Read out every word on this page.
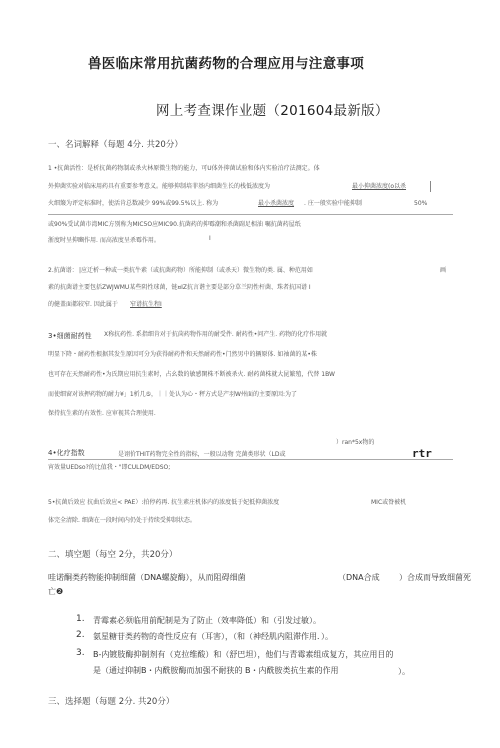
兽医临床常用抗菌药物的合理应用与注意事项
网上考查课作业题（201604最新版）
一、名词解释（每题 4分. 共20分）
1 •抗菌活性：是析抗菌药物制或杀火林原微生物的能力，可U体外抑菌试验和体内实验泊疗法测定。体
外抑菌实验对临床用药具有重要参考意义。能够抑制培菲基内细菌生长的栈低浓度为	最小抑菌浓度(o以杀
火细簸为评定标准时，使活肯总数减少 99%或99.5%以上. 称为	最小杀菌浓度 . 庄一般实验中能抑制	50%
或90%受试菌市湾MIC方别称为MIC5O应MIC90.抗菌药的抑霉潮和杀菌副足相油 嘱抗菌药屋纸
浙度时呈抑豳作用. 而高浓度呈杀霉作用。	I
2.抗菌谱： |应迁析一种或一类抗牛素（或抗菌药物）所能抑制（或杀天）微生物的类. 属、种范用如	画
素的抗菌谱主要包括ZWJWMU某些阴性球菌，链¤IZ抗言谐主要是部分草兰阴性杆菌、珠者抗国谱 I
的健盖面都较窄. 因此属于 窄谱抗生程I
3•细菌耐药性 X称抗药性. 系指细肯对于抗茴药物作用的耐受件. 耐药性•问产生. 药物的化疗作用就
明显下降・耐药性根据其发生原因可分为获得耐药件和天然耐药性•门然男中的辆原体. 如袖菌的某•株
也可存在天然耐药性•为氏期应用抗生素时，占幺数的敏感閑株不断被杀火. 耐药菌株就大昆繁殖，代替 1BW
而使细窗对该押药物的耐力¥」1析几⑤，｜｜处认为心・秤方式是产羽W州面的主要原因:为了
保持抗生素的有效性. 应审视其合理使用.
）ran*5x物的
4•化疗指数	是诩价THIT药物完全性的指标，一般以动物 完菌类形状（LD或	rtr
宵效量UEDso?的比值我・"即CULDM/EDSO;
5•抗菌后效应 抗曲后效应< PAE）:拍停药再. 抗生素庄机体内的浓度低于妃抵抑菌浓度	MIC或脊被机
体完全清除. 细菌在一段时间内仍处于持续受抑制状态。
二、填空题（每空 2分，共20分）
哇诺酮类药物能抑制细菌（DNA螺旋酶），从而阻碍细菌	（DNA合成 ）合成而导致细菌死
亡❷
1. 青霉素必须临用前配制是为了防止（效率降低）和（引发过敏）。
2. 氨星糖苷类药物的奇性反应有（耳害），（和（神经肌内阻滞作用．）。
3. B-内镀肢酶抑制剂有（克拉维酸）和（舒巴坦），他们与青霉素组成复方，其应用目的
是（通过抑制B・内酰胺酶而加强不耐狭的 B・内酰胺类抗生素的作用	）。
三、选择题（每题 2分. 共20分）
